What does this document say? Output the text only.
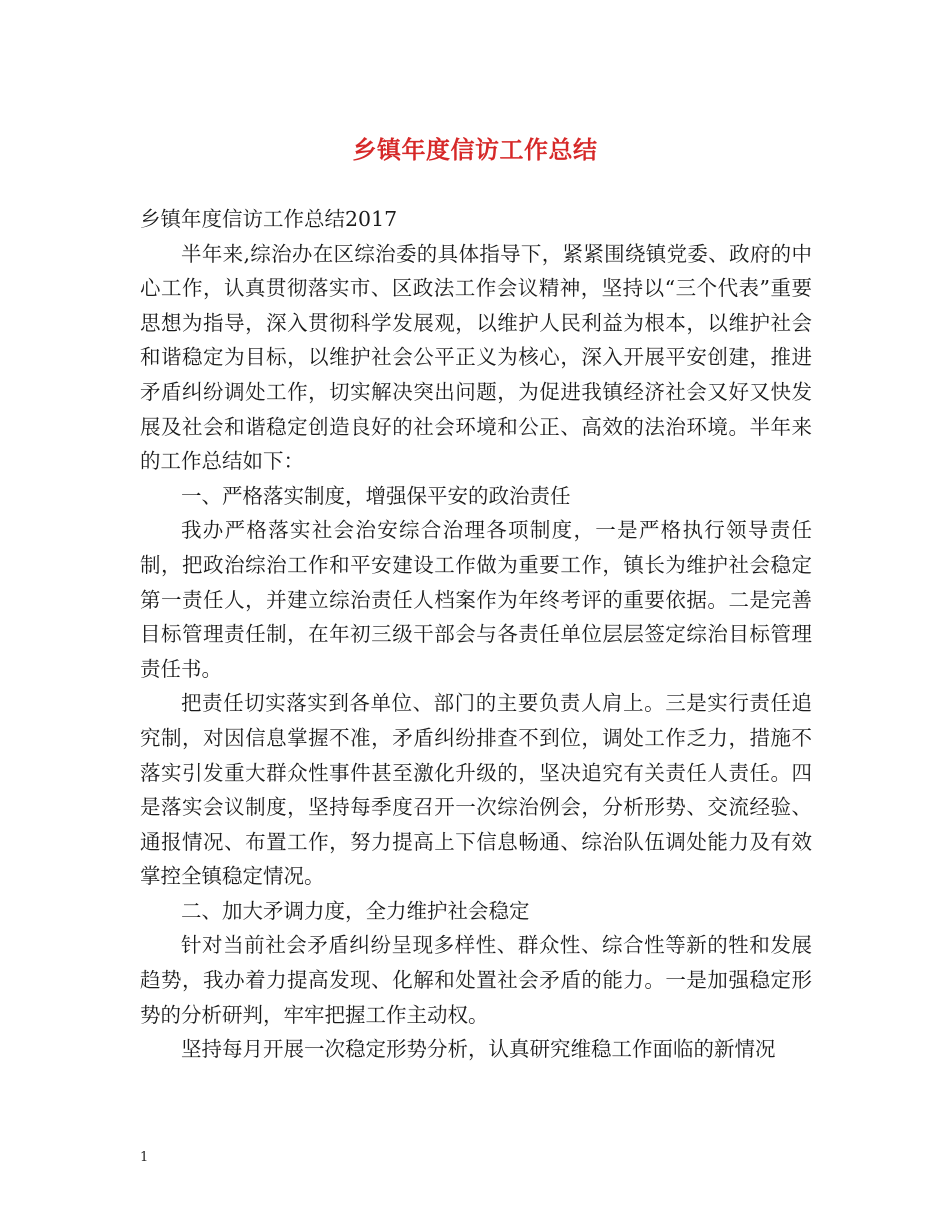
乡镇年度信访工作总结

乡镇年度信访工作总结2017

半年来,综治办在区综治委的具体指导下，紧紧围绕镇党委、政府的中心工作，认真贯彻落实市、区政法工作会议精神，坚持以“三个代表”重要思想为指导，深入贯彻科学发展观，以维护人民利益为根本，以维护社会和谐稳定为目标，以维护社会公平正义为核心，深入开展平安创建，推进矛盾纠纷调处工作，切实解决突出问题，为促进我镇经济社会又好又快发展及社会和谐稳定创造良好的社会环境和公正、高效的法治环境。半年来的工作总结如下：

一、严格落实制度，增强保平安的政治责任

我办严格落实社会治安综合治理各项制度，一是严格执行领导责任制，把政治综治工作和平安建设工作做为重要工作，镇长为维护社会稳定第一责任人，并建立综治责任人档案作为年终考评的重要依据。二是完善目标管理责任制，在年初三级干部会与各责任单位层层签定综治目标管理责任书。

把责任切实落实到各单位、部门的主要负责人肩上。三是实行责任追究制，对因信息掌握不准，矛盾纠纷排查不到位，调处工作乏力，措施不落实引发重大群众性事件甚至激化升级的，坚决追究有关责任人责任。四是落实会议制度，坚持每季度召开一次综治例会，分析形势、交流经验、通报情况、布置工作，努力提高上下信息畅通、综治队伍调处能力及有效掌控全镇稳定情况。

二、加大矛调力度，全力维护社会稳定

针对当前社会矛盾纠纷呈现多样性、群众性、综合性等新的牲和发展趋势，我办着力提高发现、化解和处置社会矛盾的能力。一是加强稳定形势的分析研判，牢牢把握工作主动权。

坚持每月开展一次稳定形势分析，认真研究维稳工作面临的新情况

1
